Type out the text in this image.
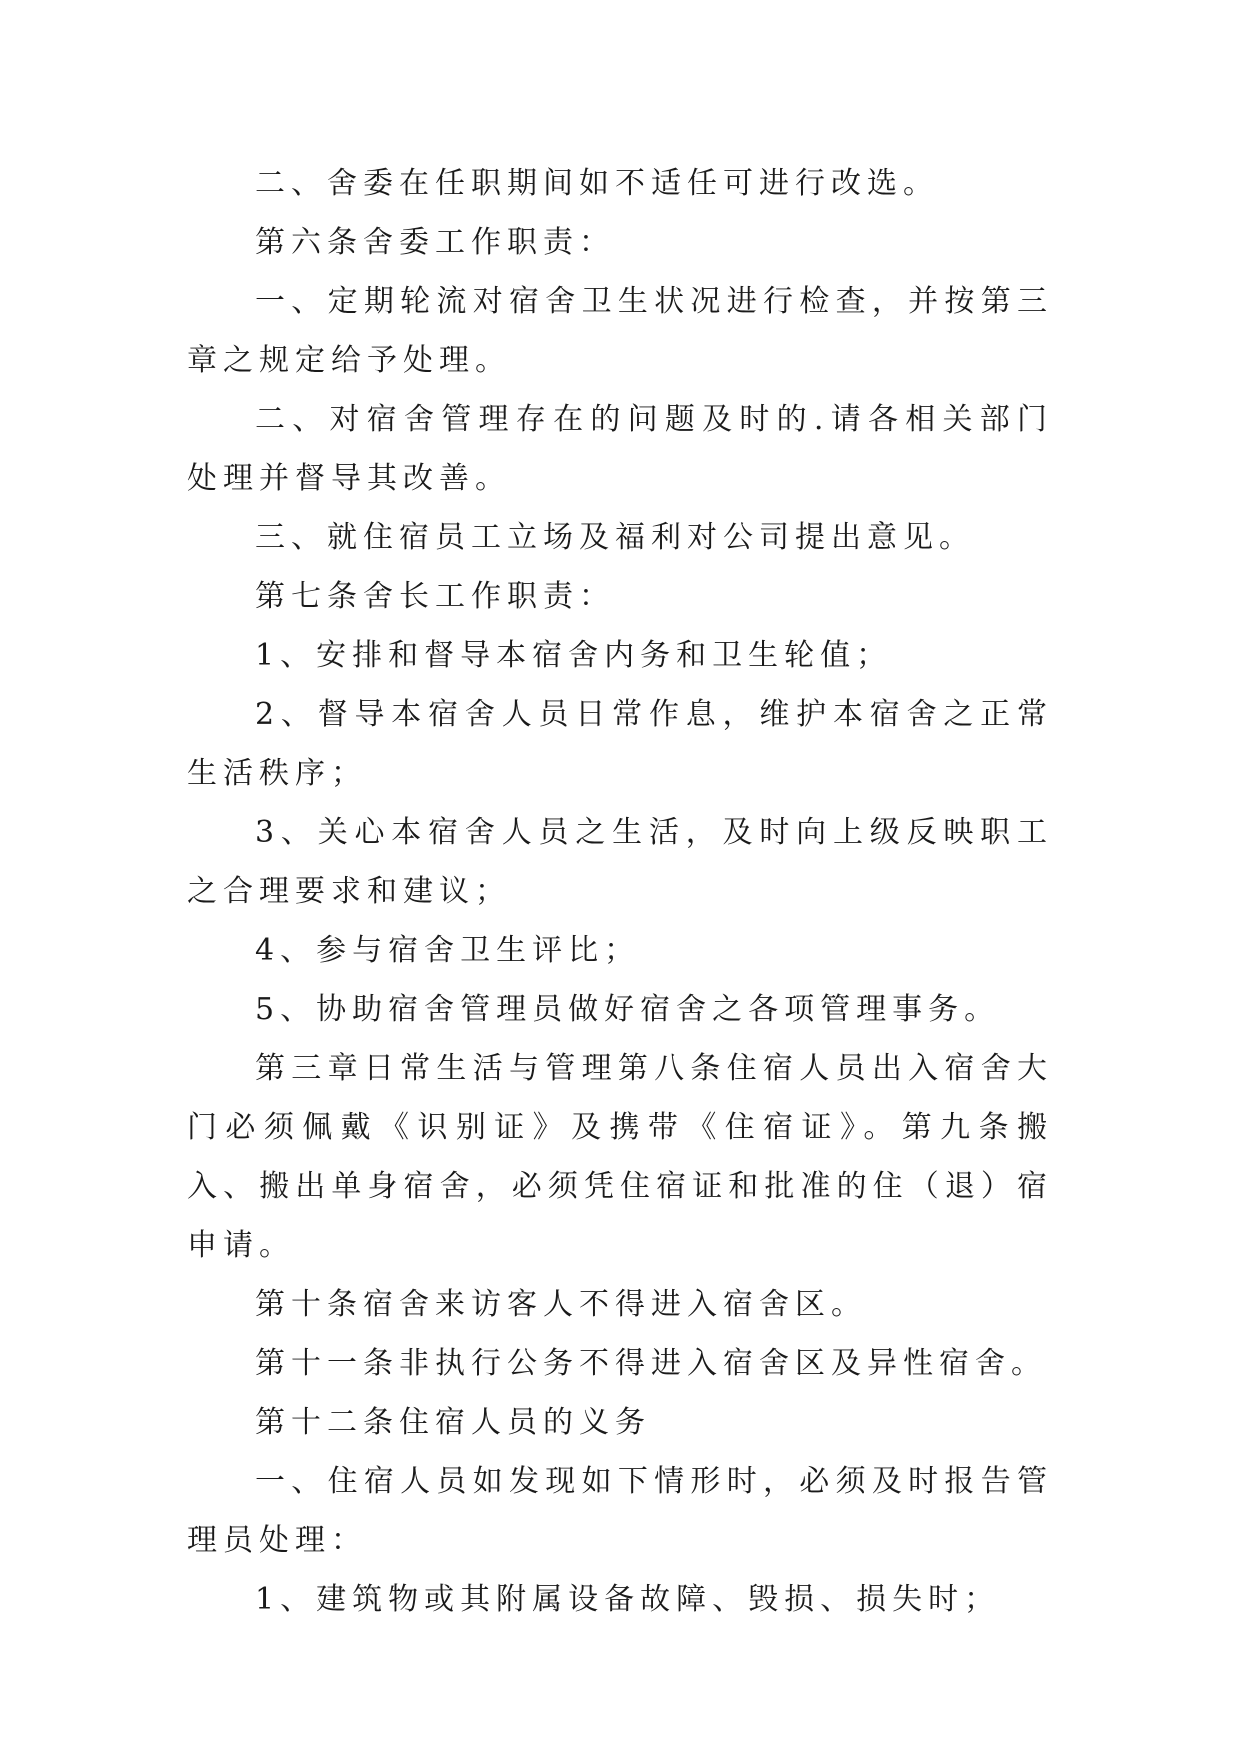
二、舍委在任职期间如不适任可进行改选。

第六条舍委工作职责：

一、定期轮流对宿舍卫生状况进行检查，并按第三章之规定给予处理。

二、对宿舍管理存在的问题及时的.请各相关部门处理并督导其改善。

三、就住宿员工立场及福利对公司提出意见。

第七条舍长工作职责：

1、安排和督导本宿舍内务和卫生轮值；

2、督导本宿舍人员日常作息，维护本宿舍之正常生活秩序；

3、关心本宿舍人员之生活，及时向上级反映职工之合理要求和建议；

4、参与宿舍卫生评比；

5、协助宿舍管理员做好宿舍之各项管理事务。

第三章日常生活与管理第八条住宿人员出入宿舍大门必须佩戴《识别证》及携带《住宿证》。第九条搬入、搬出单身宿舍，必须凭住宿证和批准的住（退）宿申请。

第十条宿舍来访客人不得进入宿舍区。

第十一条非执行公务不得进入宿舍区及异性宿舍。

第十二条住宿人员的义务

一、住宿人员如发现如下情形时，必须及时报告管理员处理：

1、建筑物或其附属设备故障、毁损、损失时；
